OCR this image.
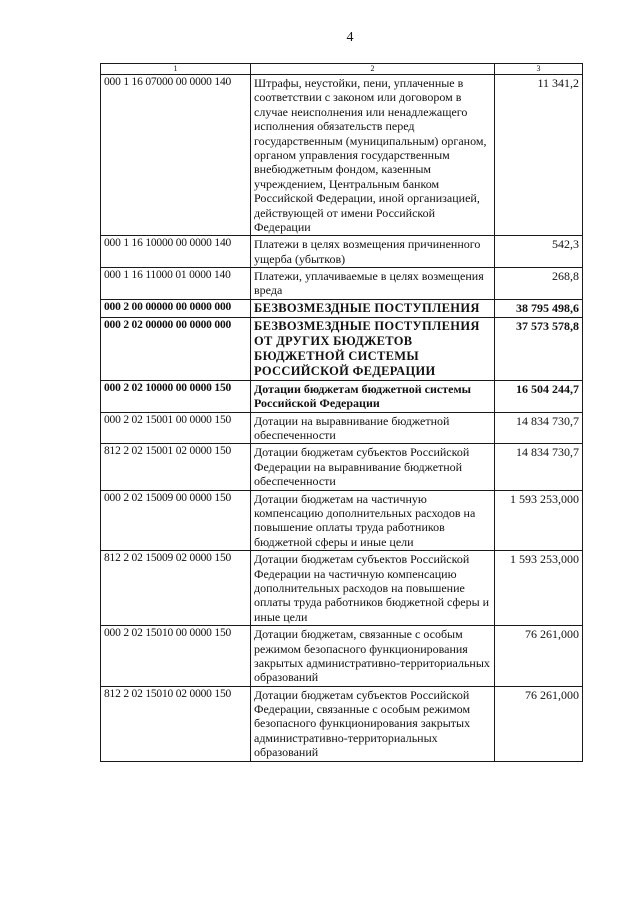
4
1	2	3
000 1 16 07000 00 0000 140	Штрафы, неустойки, пени, уплаченные в соответствии с законом или договором в случае неисполнения или ненадлежащего исполнения обязательств перед государственным (муниципальным) органом, органом управления государственным внебюджетным фондом, казенным учреждением, Центральным банком Российской Федерации, иной организацией, действующей от имени Российской Федерации	11 341,2
000 1 16 10000 00 0000 140	Платежи в целях возмещения причиненного ущерба (убытков)	542,3
000 1 16 11000 01 0000 140	Платежи, уплачиваемые в целях возмещения вреда	268,8
000 2 00 00000 00 0000 000	БЕЗВОЗМЕЗДНЫЕ ПОСТУПЛЕНИЯ	38 795 498,6
000 2 02 00000 00 0000 000	БЕЗВОЗМЕЗДНЫЕ ПОСТУПЛЕНИЯ ОТ ДРУГИХ БЮДЖЕТОВ БЮДЖЕТНОЙ СИСТЕМЫ РОССИЙСКОЙ ФЕДЕРАЦИИ	37 573 578,8
000 2 02 10000 00 0000 150	Дотации бюджетам бюджетной системы Российской Федерации	16 504 244,7
000 2 02 15001 00 0000 150	Дотации на выравнивание бюджетной обеспеченности	14 834 730,7
812 2 02 15001 02 0000 150	Дотации бюджетам субъектов Российской Федерации на выравнивание бюджетной обеспеченности	14 834 730,7
000 2 02 15009 00 0000 150	Дотации бюджетам на частичную компенсацию дополнительных расходов на повышение оплаты труда работников бюджетной сферы и иные цели	1 593 253,000
812 2 02 15009 02 0000 150	Дотации бюджетам субъектов Российской Федерации на частичную компенсацию дополнительных расходов на повышение оплаты труда работников бюджетной сферы и иные цели	1 593 253,000
000 2 02 15010 00 0000 150	Дотации бюджетам, связанные с особым режимом безопасного функционирования закрытых административно-территориальных образований	76 261,000
812 2 02 15010 02 0000 150	Дотации бюджетам субъектов Российской Федерации, связанные с особым режимом безопасного функционирования закрытых административно-территориальных образований	76 261,000
